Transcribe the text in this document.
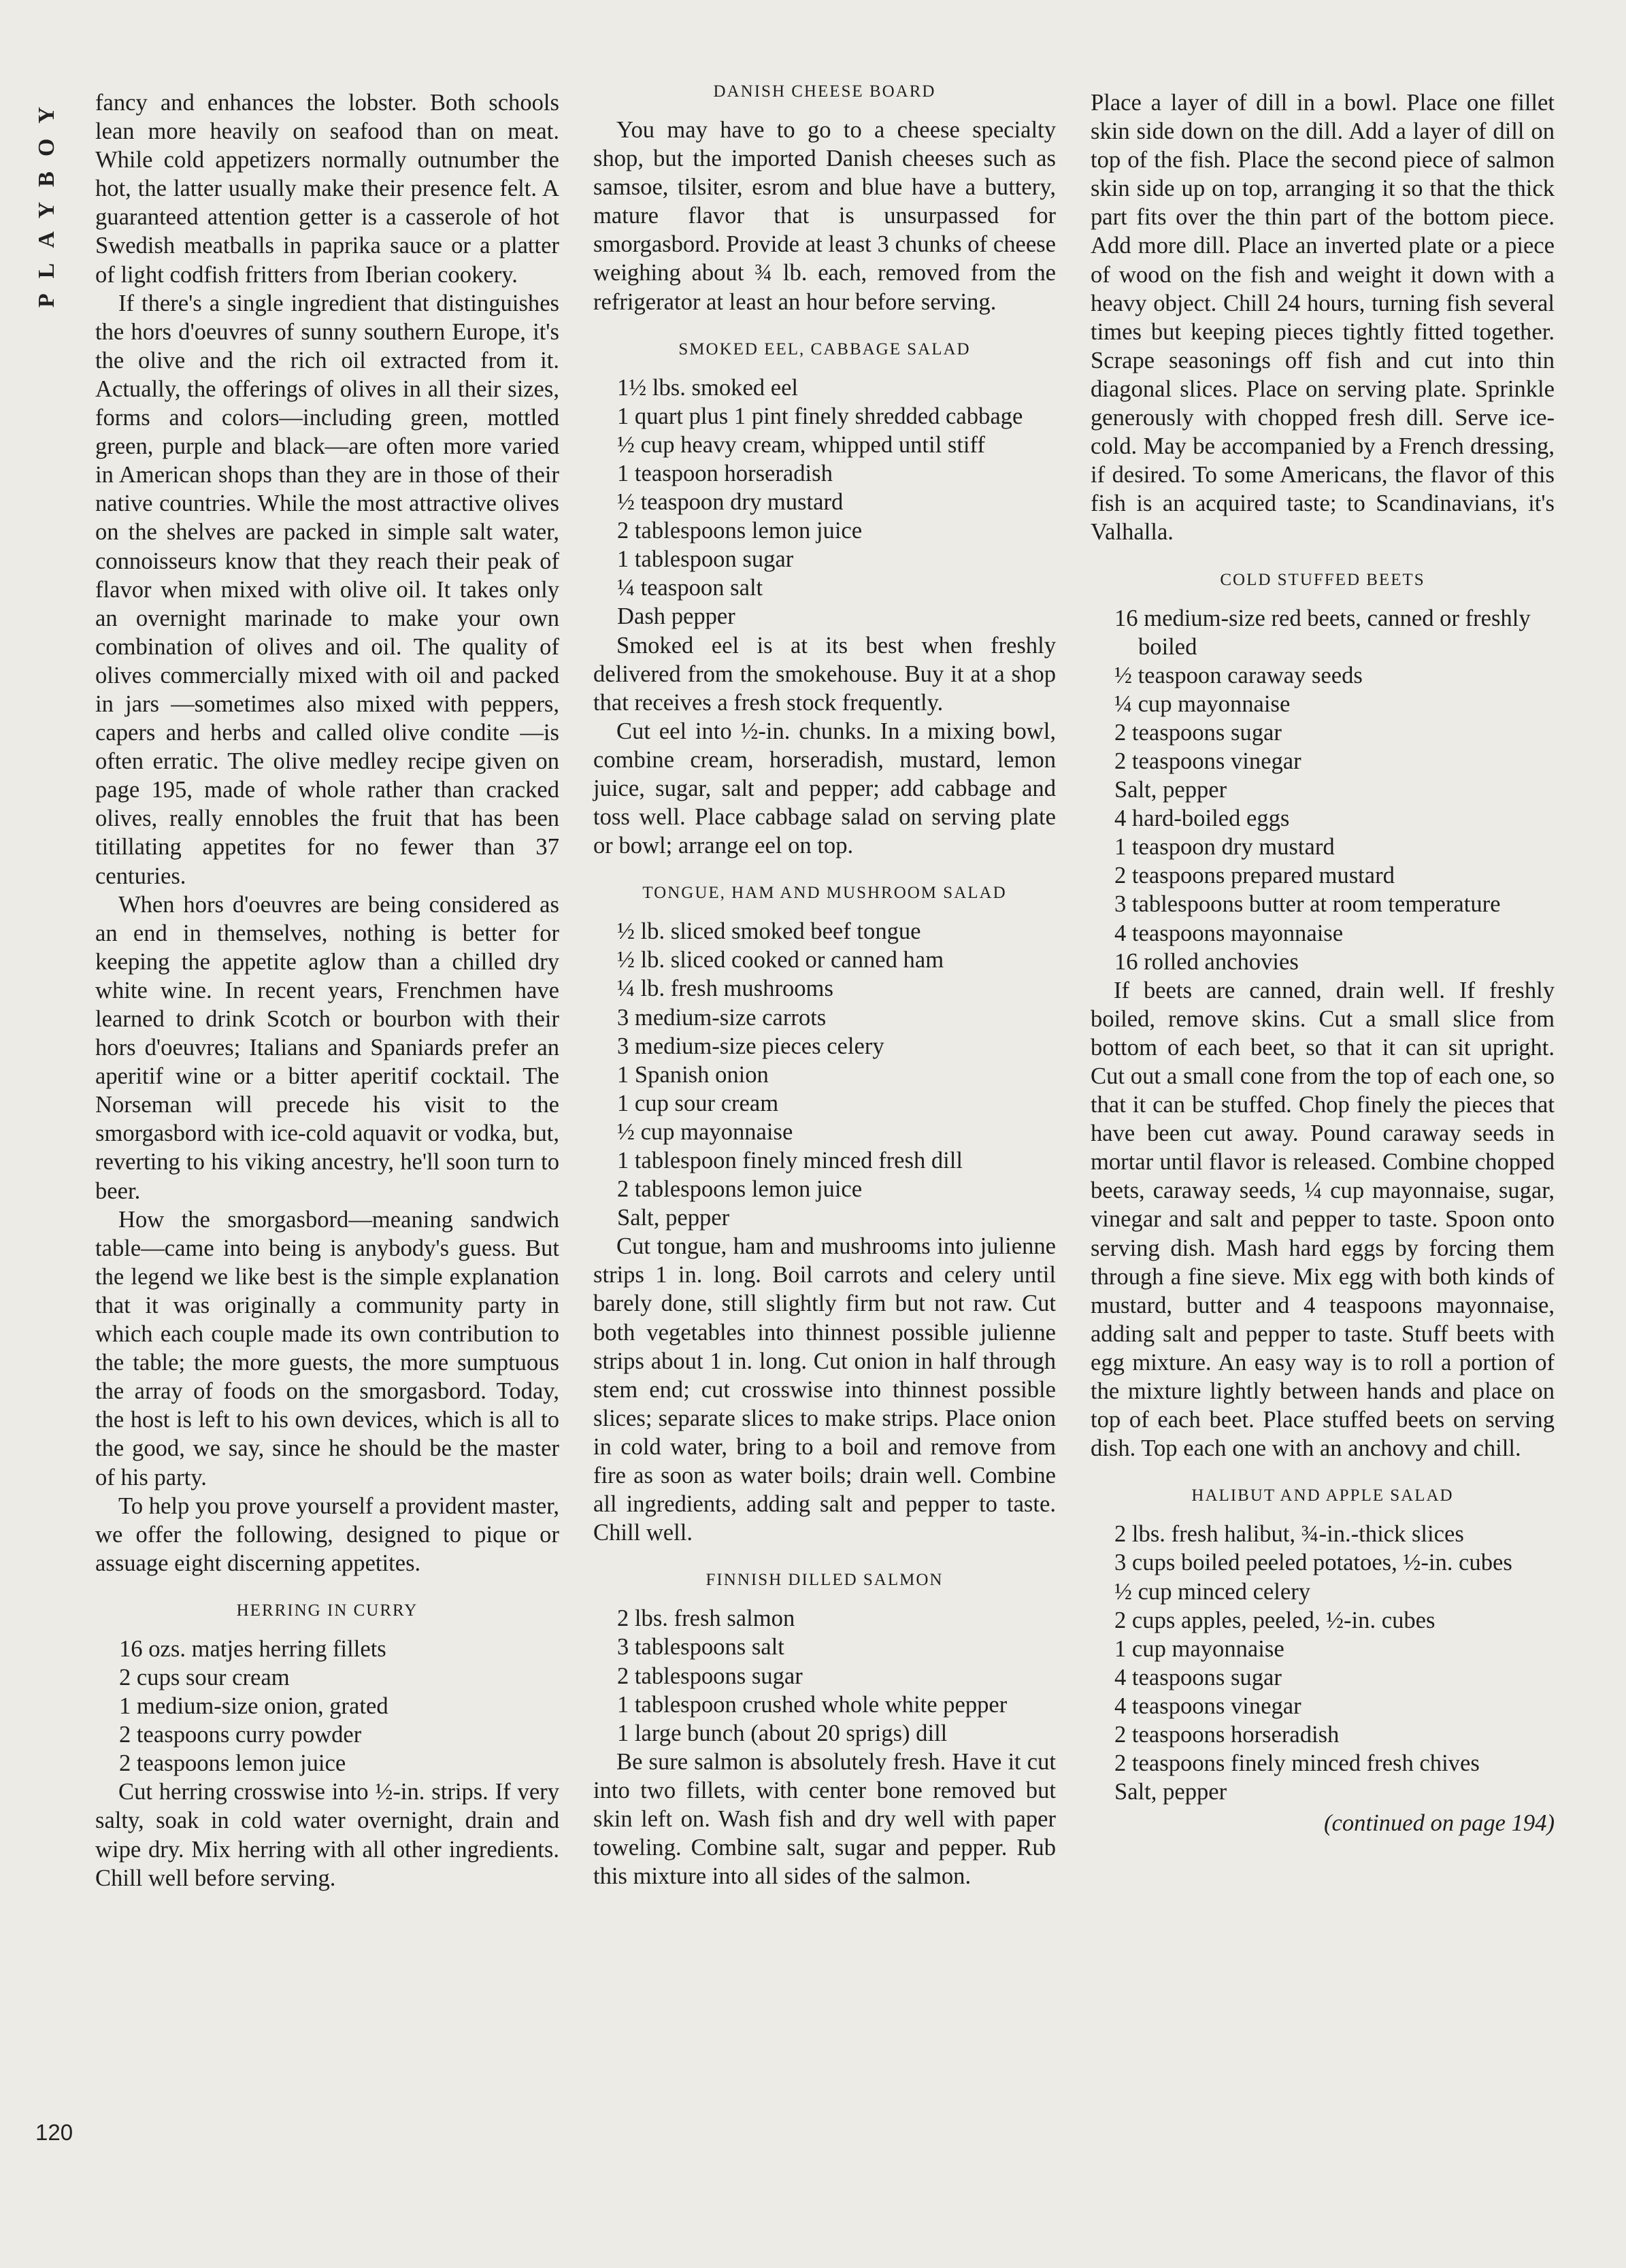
PLAYBOY
120

fancy and enhances the lobster. Both schools lean more heavily on seafood than on meat. While cold appetizers normally outnumber the hot, the latter usually make their presence felt. A guaranteed attention getter is a casserole of hot Swedish meatballs in paprika sauce or a platter of light codfish fritters from Iberian cookery.

If there's a single ingredient that distinguishes the hors d'oeuvres of sunny southern Europe, it's the olive and the rich oil extracted from it. Actually, the offerings of olives in all their sizes, forms and colors—including green, mottled green, purple and black—are often more varied in American shops than they are in those of their native countries. While the most attractive olives on the shelves are packed in simple salt water, connoisseurs know that they reach their peak of flavor when mixed with olive oil. It takes only an overnight marinade to make your own combination of olives and oil. The quality of olives commercially mixed with oil and packed in jars —sometimes also mixed with peppers, capers and herbs and called olive condite —is often erratic. The olive medley recipe given on page 195, made of whole rather than cracked olives, really ennobles the fruit that has been titillating appetites for no fewer than 37 centuries.

When hors d'oeuvres are being considered as an end in themselves, nothing is better for keeping the appetite aglow than a chilled dry white wine. In recent years, Frenchmen have learned to drink Scotch or bourbon with their hors d'oeuvres; Italians and Spaniards prefer an aperitif wine or a bitter aperitif cocktail. The Norseman will precede his visit to the smorgasbord with ice-cold aquavit or vodka, but, reverting to his viking ancestry, he'll soon turn to beer.

How the smorgasbord—meaning sandwich table—came into being is anybody's guess. But the legend we like best is the simple explanation that it was originally a community party in which each couple made its own contribution to the table; the more guests, the more sumptuous the array of foods on the smorgasbord. Today, the host is left to his own devices, which is all to the good, we say, since he should be the master of his party.

To help you prove yourself a provident master, we offer the following, designed to pique or assuage eight discerning appetites.

HERRING IN CURRY
16 ozs. matjes herring fillets
2 cups sour cream
1 medium-size onion, grated
2 teaspoons curry powder
2 teaspoons lemon juice

Cut herring crosswise into ½-in. strips. If very salty, soak in cold water overnight, drain and wipe dry. Mix herring with all other ingredients. Chill well before serving.

DANISH CHEESE BOARD

You may have to go to a cheese specialty shop, but the imported Danish cheeses such as samsoe, tilsiter, esrom and blue have a buttery, mature flavor that is unsurpassed for smorgasbord. Provide at least 3 chunks of cheese weighing about ¾ lb. each, removed from the refrigerator at least an hour before serving.

SMOKED EEL, CABBAGE SALAD
1½ lbs. smoked eel
1 quart plus 1 pint finely shredded cabbage
½ cup heavy cream, whipped until stiff
1 teaspoon horseradish
½ teaspoon dry mustard
2 tablespoons lemon juice
1 tablespoon sugar
¼ teaspoon salt
Dash pepper

Smoked eel is at its best when freshly delivered from the smokehouse. Buy it at a shop that receives a fresh stock frequently.

Cut eel into ½-in. chunks. In a mixing bowl, combine cream, horseradish, mustard, lemon juice, sugar, salt and pepper; add cabbage and toss well. Place cabbage salad on serving plate or bowl; arrange eel on top.

TONGUE, HAM AND MUSHROOM SALAD
½ lb. sliced smoked beef tongue
½ lb. sliced cooked or canned ham
¼ lb. fresh mushrooms
3 medium-size carrots
3 medium-size pieces celery
1 Spanish onion
1 cup sour cream
½ cup mayonnaise
1 tablespoon finely minced fresh dill
2 tablespoons lemon juice
Salt, pepper

Cut tongue, ham and mushrooms into julienne strips 1 in. long. Boil carrots and celery until barely done, still slightly firm but not raw. Cut both vegetables into thinnest possible julienne strips about 1 in. long. Cut onion in half through stem end; cut crosswise into thinnest possible slices; separate slices to make strips. Place onion in cold water, bring to a boil and remove from fire as soon as water boils; drain well. Combine all ingredients, adding salt and pepper to taste. Chill well.

FINNISH DILLED SALMON
2 lbs. fresh salmon
3 tablespoons salt
2 tablespoons sugar
1 tablespoon crushed whole white pepper
1 large bunch (about 20 sprigs) dill

Be sure salmon is absolutely fresh. Have it cut into two fillets, with center bone removed but skin left on. Wash fish and dry well with paper toweling. Combine salt, sugar and pepper. Rub this mixture into all sides of the salmon.

Place a layer of dill in a bowl. Place one fillet skin side down on the dill. Add a layer of dill on top of the fish. Place the second piece of salmon skin side up on top, arranging it so that the thick part fits over the thin part of the bottom piece. Add more dill. Place an inverted plate or a piece of wood on the fish and weight it down with a heavy object. Chill 24 hours, turning fish several times but keeping pieces tightly fitted together. Scrape seasonings off fish and cut into thin diagonal slices. Place on serving plate. Sprinkle generously with chopped fresh dill. Serve ice-cold. May be accompanied by a French dressing, if desired. To some Americans, the flavor of this fish is an acquired taste; to Scandinavians, it's Valhalla.

COLD STUFFED BEETS
16 medium-size red beets, canned or freshly boiled
½ teaspoon caraway seeds
¼ cup mayonnaise
2 teaspoons sugar
2 teaspoons vinegar
Salt, pepper
4 hard-boiled eggs
1 teaspoon dry mustard
2 teaspoons prepared mustard
3 tablespoons butter at room temperature
4 teaspoons mayonnaise
16 rolled anchovies

If beets are canned, drain well. If freshly boiled, remove skins. Cut a small slice from bottom of each beet, so that it can sit upright. Cut out a small cone from the top of each one, so that it can be stuffed. Chop finely the pieces that have been cut away. Pound caraway seeds in mortar until flavor is released. Combine chopped beets, caraway seeds, ¼ cup mayonnaise, sugar, vinegar and salt and pepper to taste. Spoon onto serving dish. Mash hard eggs by forcing them through a fine sieve. Mix egg with both kinds of mustard, butter and 4 teaspoons mayonnaise, adding salt and pepper to taste. Stuff beets with egg mixture. An easy way is to roll a portion of the mixture lightly between hands and place on top of each beet. Place stuffed beets on serving dish. Top each one with an anchovy and chill.

HALIBUT AND APPLE SALAD
2 lbs. fresh halibut, ¾-in.-thick slices
3 cups boiled peeled potatoes, ½-in. cubes
½ cup minced celery
2 cups apples, peeled, ½-in. cubes
1 cup mayonnaise
4 teaspoons sugar
4 teaspoons vinegar
2 teaspoons horseradish
2 teaspoons finely minced fresh chives
Salt, pepper

(continued on page 194)
